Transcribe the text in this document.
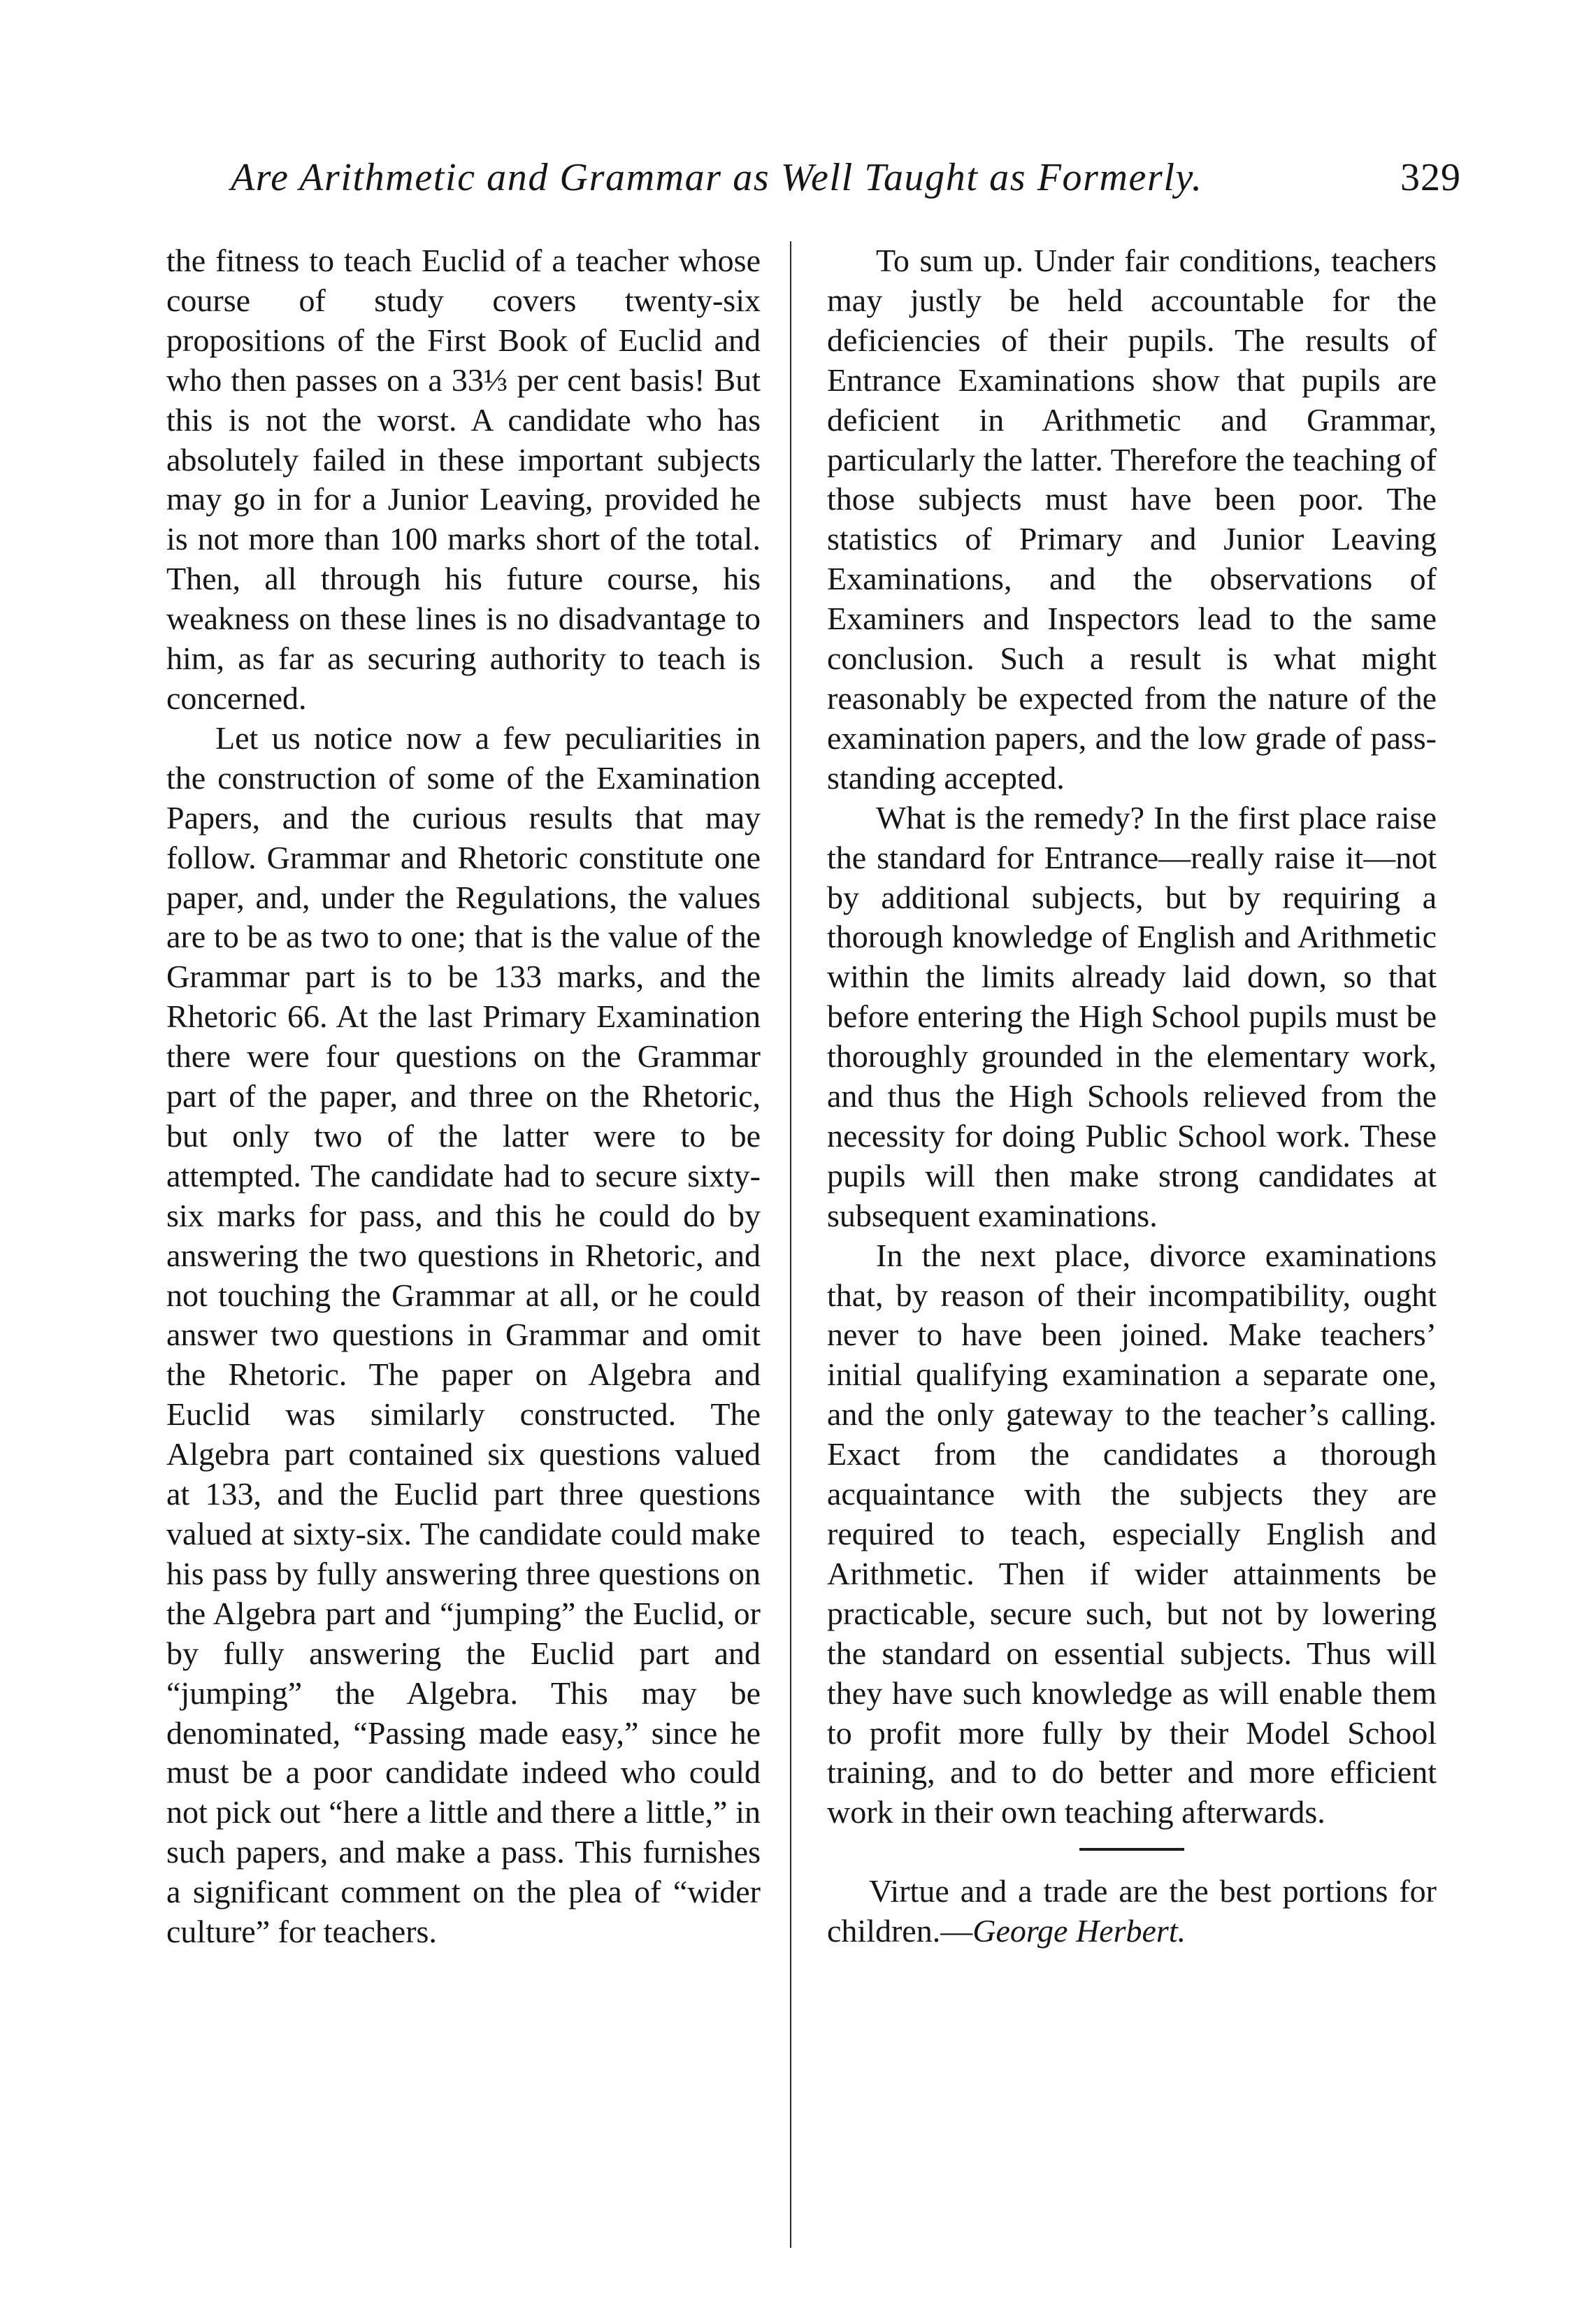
Are Arithmetic and Grammar as Well Taught as Formerly.	329

the fitness to teach Euclid of a teacher whose course of study covers twenty-six propositions of the First Book of Euclid and who then passes on a 33⅓ per cent basis! But this is not the worst. A candidate who has absolutely failed in these important subjects may go in for a Junior Leaving, provided he is not more than 100 marks short of the total. Then, all through his future course, his weakness on these lines is no disadvantage to him, as far as securing authority to teach is concerned.

Let us notice now a few peculiarities in the construction of some of the Examination Papers, and the curious results that may follow. Grammar and Rhetoric constitute one paper, and, under the Regulations, the values are to be as two to one; that is the value of the Grammar part is to be 133 marks, and the Rhetoric 66. At the last Primary Examination there were four questions on the Grammar part of the paper, and three on the Rhetoric, but only two of the latter were to be attempted. The candidate had to secure sixty-six marks for pass, and this he could do by answering the two questions in Rhetoric, and not touching the Grammar at all, or he could answer two questions in Grammar and omit the Rhetoric. The paper on Algebra and Euclid was similarly constructed. The Algebra part contained six questions valued at 133, and the Euclid part three questions valued at sixty-six. The candidate could make his pass by fully answering three questions on the Algebra part and “jumping” the Euclid, or by fully answering the Euclid part and “jumping” the Algebra. This may be denominated, “Passing made easy,” since he must be a poor candidate indeed who could not pick out “here a little and there a little,” in such papers, and make a pass. This furnishes a significant comment on the plea of “wider culture” for teachers.

To sum up. Under fair conditions, teachers may justly be held accountable for the deficiencies of their pupils. The results of Entrance Examinations show that pupils are deficient in Arithmetic and Grammar, particularly the latter. Therefore the teaching of those subjects must have been poor. The statistics of Primary and Junior Leaving Examinations, and the observations of Examiners and Inspectors lead to the same conclusion. Such a result is what might reasonably be expected from the nature of the examination papers, and the low grade of pass-standing accepted.

What is the remedy? In the first place raise the standard for Entrance—really raise it—not by additional subjects, but by requiring a thorough knowledge of English and Arithmetic within the limits already laid down, so that before entering the High School pupils must be thoroughly grounded in the elementary work, and thus the High Schools relieved from the necessity for doing Public School work. These pupils will then make strong candidates at subsequent examinations.

In the next place, divorce examinations that, by reason of their incompatibility, ought never to have been joined. Make teachers’ initial qualifying examination a separate one, and the only gateway to the teacher’s calling. Exact from the candidates a thorough acquaintance with the subjects they are required to teach, especially English and Arithmetic. Then if wider attainments be practicable, secure such, but not by lowering the standard on essential subjects. Thus will they have such knowledge as will enable them to profit more fully by their Model School training, and to do better and more efficient work in their own teaching afterwards.

Virtue and a trade are the best portions for children.—George Herbert.
